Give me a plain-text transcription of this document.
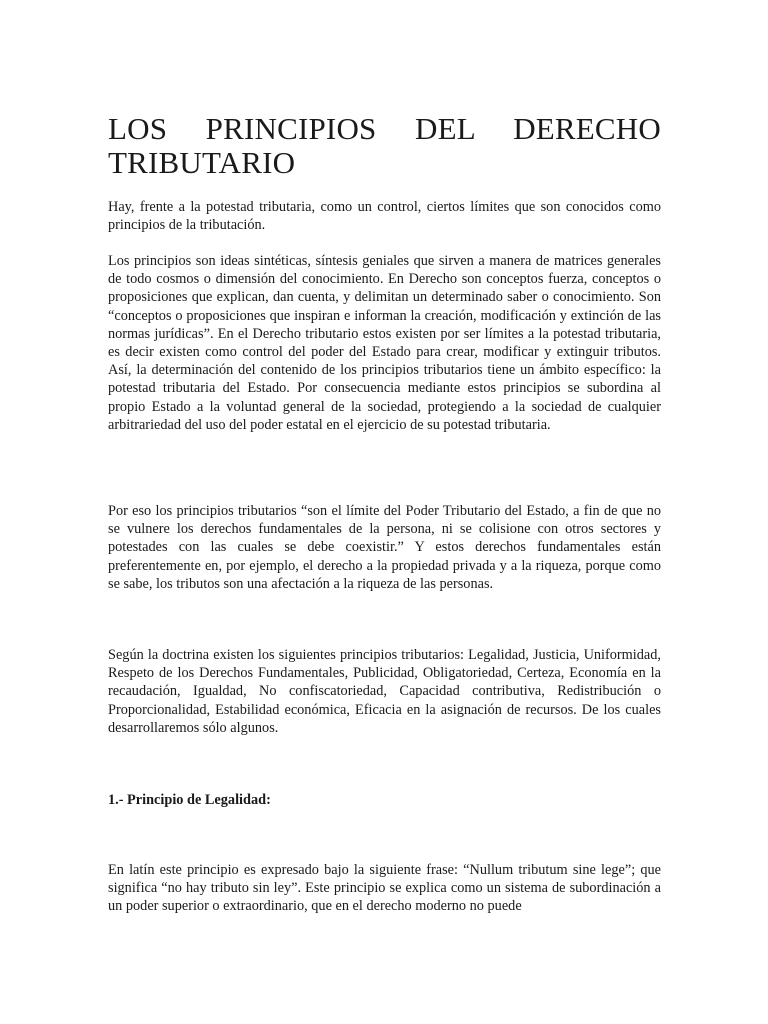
LOS PRINCIPIOS DEL DERECHO
TRIBUTARIO

Hay, frente a la potestad tributaria, como un control, ciertos límites que son conocidos como principios de la tributación.

Los principios son ideas sintéticas, síntesis geniales que sirven a manera de matrices generales de todo cosmos o dimensión del conocimiento. En Derecho son conceptos fuerza, conceptos o proposiciones que explican, dan cuenta, y delimitan un determinado saber o conocimiento. Son “conceptos o proposiciones que inspiran e informan la creación, modificación y extinción de las normas jurídicas”. En el Derecho tributario estos existen por ser límites a la potestad tributaria, es decir existen como control del poder del Estado para crear, modificar y extinguir tributos. Así, la determinación del contenido de los principios tributarios tiene un ámbito específico: la potestad tributaria del Estado. Por consecuencia mediante estos principios se subordina al propio Estado a la voluntad general de la sociedad, protegiendo a la sociedad de cualquier arbitrariedad del uso del poder estatal en el ejercicio de su potestad tributaria.

Por eso los principios tributarios “son el límite del Poder Tributario del Estado, a fin de que no se vulnere los derechos fundamentales de la persona, ni se colisione con otros sectores y potestades con las cuales se debe coexistir.” Y estos derechos fundamentales están preferentemente en, por ejemplo, el derecho a la propiedad privada y a la riqueza, porque como se sabe, los tributos son una afectación a la riqueza de las personas.

Según la doctrina existen los siguientes principios tributarios: Legalidad, Justicia, Uniformidad, Respeto de los Derechos Fundamentales, Publicidad, Obligatoriedad, Certeza, Economía en la recaudación, Igualdad, No confiscatoriedad, Capacidad contributiva, Redistribución o Proporcionalidad, Estabilidad económica, Eficacia en la asignación de recursos. De los cuales desarrollaremos sólo algunos.

1.- Principio de Legalidad:

En latín este principio es expresado bajo la siguiente frase: “Nullum tributum sine lege”; que significa “no hay tributo sin ley”. Este principio se explica como un sistema de subordinación a un poder superior o extraordinario, que en el derecho moderno no puede
